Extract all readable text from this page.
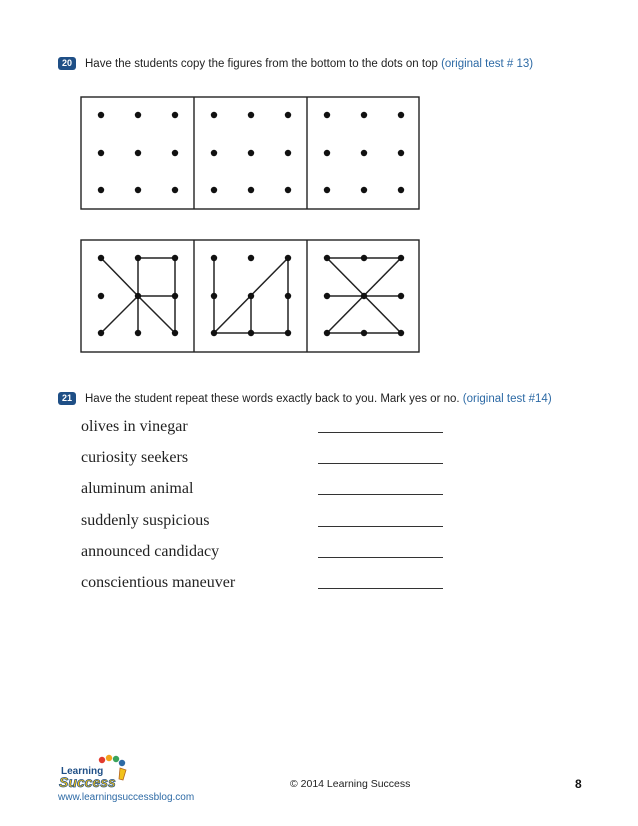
20	Have the students copy the figures from the bottom to the dots on top (original test # 13)
21	Have the student repeat these words exactly back to you. Mark yes or no. (original test #14)
olives in vinegar
curiosity seekers
aluminum animal
suddenly suspicious
announced candidacy
conscientious maneuver
Learning
Success
www.learningsuccessblog.com
© 2014 Learning Success	8
